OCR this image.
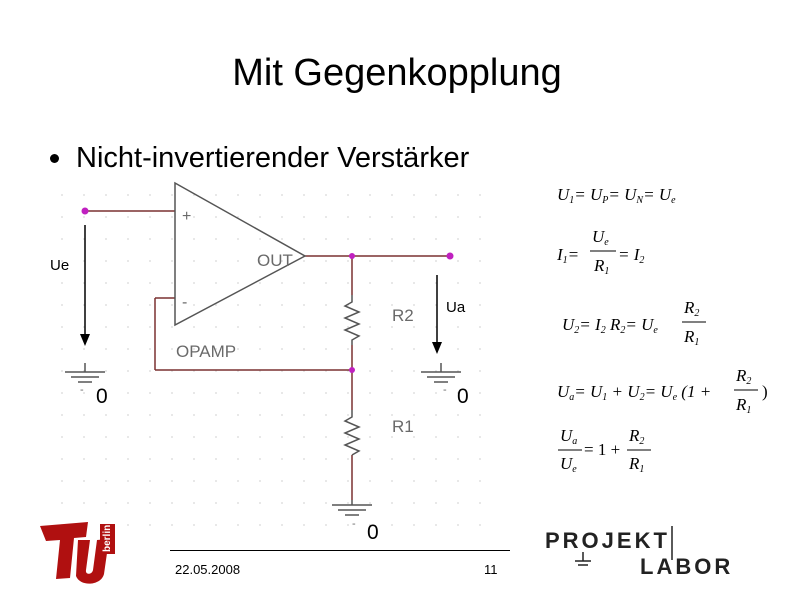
Mit Gegenkopplung
Nicht-invertierender Verstärker
+
-
OUT
OPAMP
R2
R1
Ue
Ua
- 0	- 0
- 0
U1= UP= UN= Ue
I1=
Ue
R1
= I2
U2= I2 R2= Ue
R2
R1
Ua= U1 + U2= Ue (1 +
R2
R1
)
Ua
Ue
= 1 +
R2
R1
berlin	PROJEKT
LABOR
22.05.2008	11
